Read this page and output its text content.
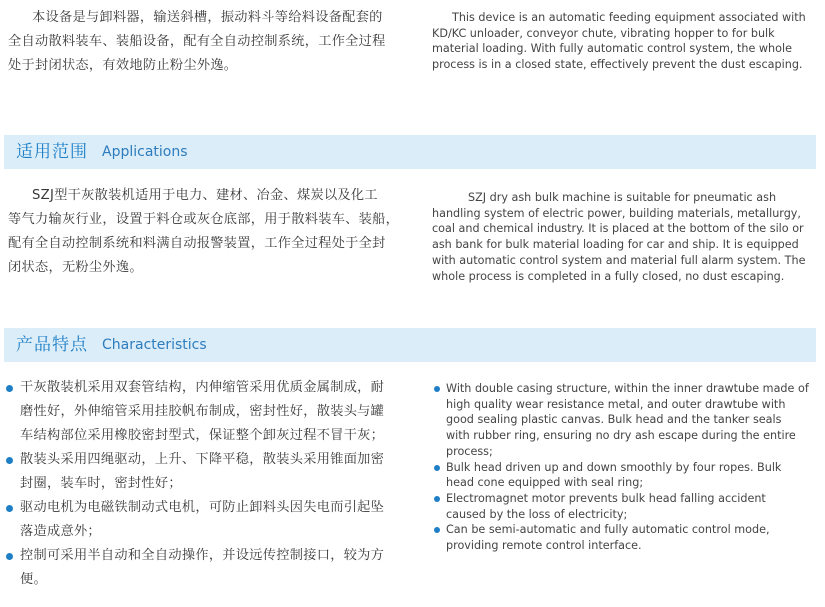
本设备是与卸料器，输送斜槽，振动料斗等给料设备配套的
全自动散料装车、装船设备，配有全自动控制系统，工作全过程
处于封闭状态，有效地防止粉尘外逸。
This device is an automatic feeding equipment associated with
KD/KC unloader, conveyor chute, vibrating hopper to for bulk
material loading. With fully automatic control system, the whole
process is in a closed state, effectively prevent the dust escaping.
适用范围 Applications
SZJ型干灰散装机适用于电力、建材、冶金、煤炭以及化工
等气力输灰行业，设置于料仓或灰仓底部，用于散料装车、装船，
配有全自动控制系统和料满自动报警装置，工作全过程处于全封
闭状态，无粉尘外逸。
SZJ dry ash bulk machine is suitable for pneumatic ash
handling system of electric power, building materials, metallurgy,
coal and chemical industry. It is placed at the bottom of the silo or
ash bank for bulk material loading for car and ship. It is equipped
with automatic control system and material full alarm system. The
whole process is completed in a fully closed, no dust escaping.
产品特点 Characteristics
干灰散装机采用双套管结构，内伸缩管采用优质金属制成，耐
磨性好，外伸缩管采用挂胶帆布制成，密封性好，散装头与罐
车结构部位采用橡胶密封型式，保证整个卸灰过程不冒干灰；
散装头采用四绳驱动，上升、下降平稳，散装头采用锥面加密
封圈，装车时，密封性好；
驱动电机为电磁铁制动式电机，可防止卸料头因失电而引起坠
落造成意外；
控制可采用半自动和全自动操作，并设远传控制接口，较为方
便。
With double casing structure, within the inner drawtube made of
high quality wear resistance metal, and outer drawtube with
good sealing plastic canvas. Bulk head and the tanker seals
with rubber ring, ensuring no dry ash escape during the entire
process;
Bulk head driven up and down smoothly by four ropes. Bulk
head cone equipped with seal ring;
Electromagnet motor prevents bulk head falling accident
caused by the loss of electricity;
Can be semi-automatic and fully automatic control mode,
providing remote control interface.
